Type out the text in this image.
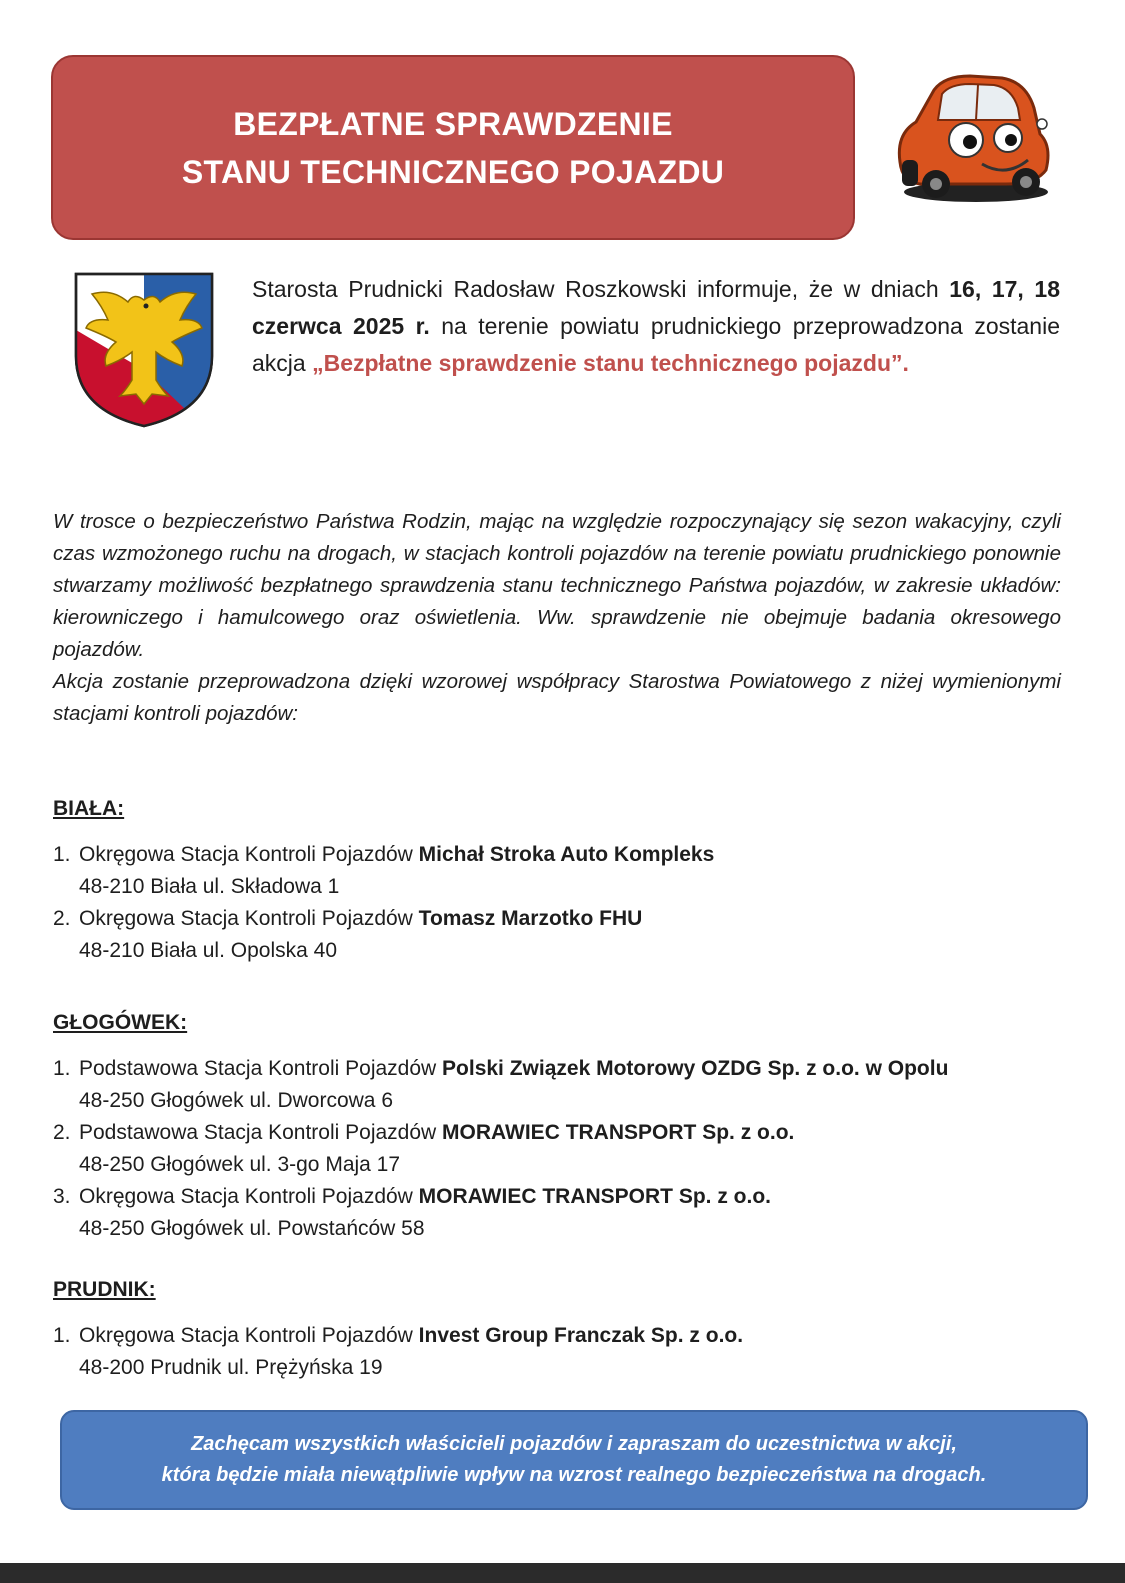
BEZPŁATNE SPRAWDZENIE
STANU TECHNICZNEGO POJAZDU
Starosta Prudnicki Radosław Roszkowski informuje, że w dniach 16, 17, 18 czerwca 2025 r. na terenie powiatu prudnickiego przeprowadzona zostanie akcja „Bezpłatne sprawdzenie stanu technicznego pojazdu”.

W trosce o bezpieczeństwo Państwa Rodzin, mając na względzie rozpoczynający się sezon wakacyjny, czyli czas wzmożonego ruchu na drogach, w stacjach kontroli pojazdów na terenie powiatu prudnickiego ponownie stwarzamy możliwość bezpłatnego sprawdzenia stanu technicznego Państwa pojazdów, w zakresie układów: kierowniczego i hamulcowego oraz oświetlenia. Ww. sprawdzenie nie obejmuje badania okresowego pojazdów.

Akcja zostanie przeprowadzona dzięki wzorowej współpracy Starostwa Powiatowego z niżej wymienionymi stacjami kontroli pojazdów:

BIAŁA:
1. Okręgowa Stacja Kontroli Pojazdów Michał Stroka Auto Kompleks
48-210 Biała ul. Składowa 1
2. Okręgowa Stacja Kontroli Pojazdów Tomasz Marzotko FHU
48-210 Biała ul. Opolska 40
GŁOGÓWEK:
1. Podstawowa Stacja Kontroli Pojazdów Polski Związek Motorowy OZDG Sp. z o.o. w Opolu
48-250 Głogówek ul. Dworcowa 6
2. Podstawowa Stacja Kontroli Pojazdów MORAWIEC TRANSPORT Sp. z o.o.
48-250 Głogówek ul. 3-go Maja 17
3. Okręgowa Stacja Kontroli Pojazdów MORAWIEC TRANSPORT Sp. z o.o.
48-250 Głogówek ul. Powstańców 58
PRUDNIK:
1. Okręgowa Stacja Kontroli Pojazdów Invest Group Franczak Sp. z o.o.
48-200 Prudnik ul. Prężyńska 19
Zachęcam wszystkich właścicieli pojazdów i zapraszam do uczestnictwa w akcji,
która będzie miała niewątpliwie wpływ na wzrost realnego bezpieczeństwa na drogach.
